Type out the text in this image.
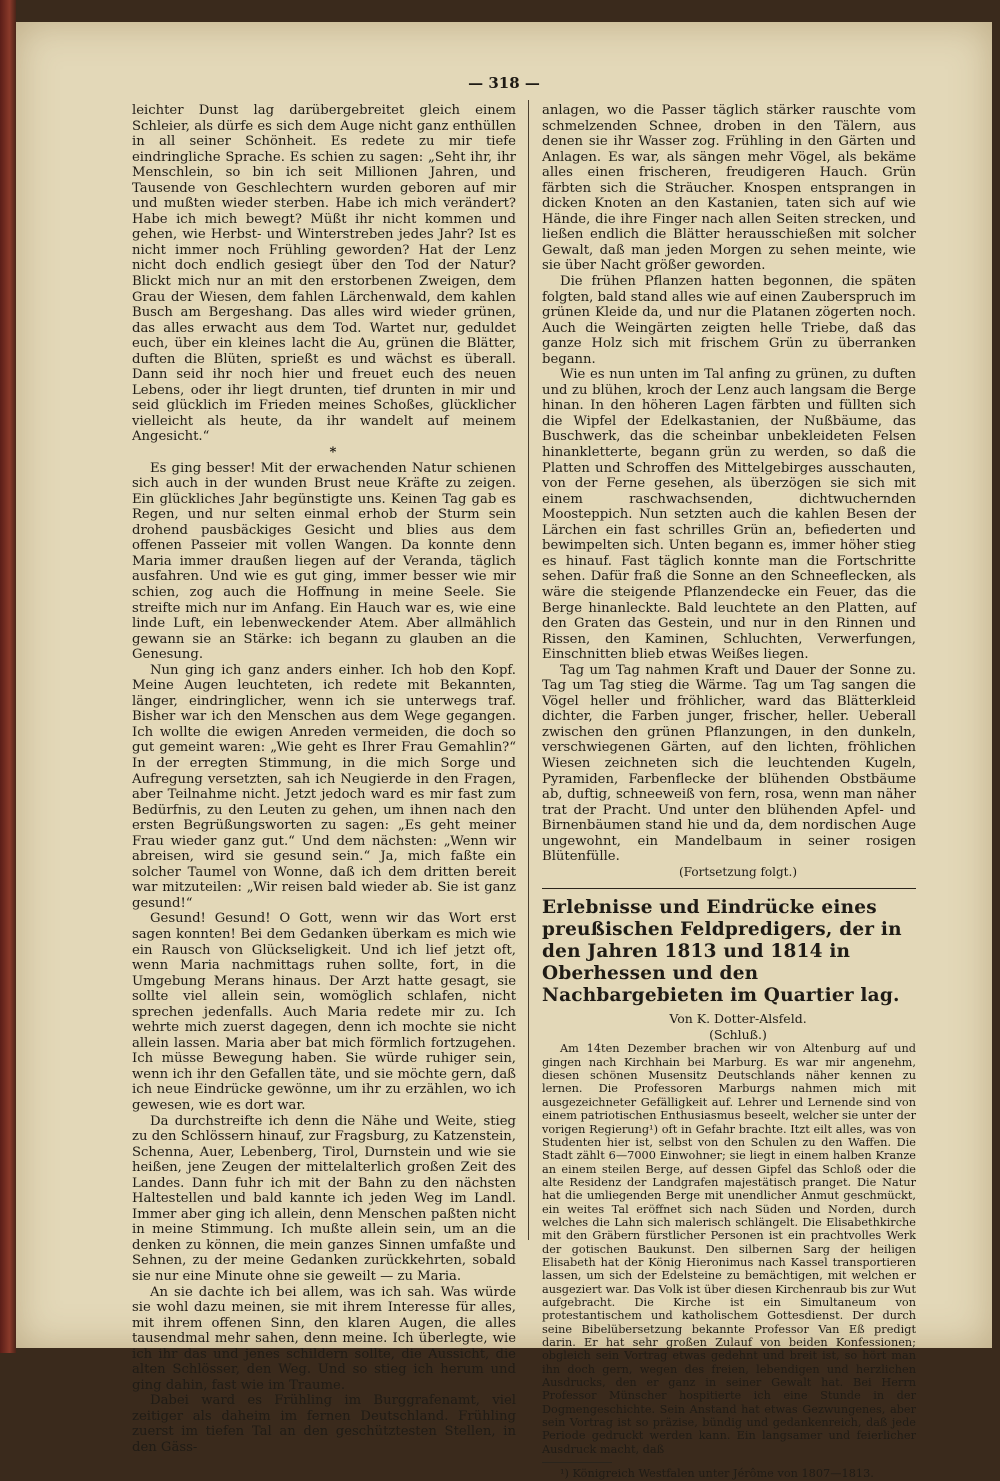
— 318 —

leichter Dunst lag darübergebreitet gleich einem Schleier, als dürfe es sich dem Auge nicht ganz enthüllen in all seiner Schönheit. Es redete zu mir tiefe eindringliche Sprache. Es schien zu sagen: „Seht ihr, ihr Menschlein, so bin ich seit Millionen Jahren, und Tausende von Geschlechtern wurden geboren auf mir und mußten wieder sterben. Habe ich mich verändert? Habe ich mich bewegt? Müßt ihr nicht kommen und gehen, wie Herbst- und Winterstreben jedes Jahr? Ist es nicht immer noch Frühling geworden? Hat der Lenz nicht doch endlich gesiegt über den Tod der Natur? Blickt mich nur an mit den erstorbenen Zweigen, dem Grau der Wiesen, dem fahlen Lärchenwald, dem kahlen Busch am Bergeshang. Das alles wird wieder grünen, das alles erwacht aus dem Tod. Wartet nur, geduldet euch, über ein kleines lacht die Au, grünen die Blätter, duften die Blüten, sprießt es und wächst es überall. Dann seid ihr noch hier und freuet euch des neuen Lebens, oder ihr liegt drunten, tief drunten in mir und seid glücklich im Frieden meines Schoßes, glücklicher vielleicht als heute, da ihr wandelt auf meinem Angesicht.“

*

Es ging besser! Mit der erwachenden Natur schienen sich auch in der wunden Brust neue Kräfte zu zeigen. Ein glückliches Jahr begünstigte uns. Keinen Tag gab es Regen, und nur selten einmal erhob der Sturm sein drohend pausbäckiges Gesicht und blies aus dem offenen Passeier mit vollen Wangen. Da konnte denn Maria immer draußen liegen auf der Veranda, täglich ausfahren. Und wie es gut ging, immer besser wie mir schien, zog auch die Hoffnung in meine Seele. Sie streifte mich nur im Anfang. Ein Hauch war es, wie eine linde Luft, ein lebenweckender Atem. Aber allmählich gewann sie an Stärke: ich begann zu glauben an die Genesung.

Nun ging ich ganz anders einher. Ich hob den Kopf. Meine Augen leuchteten, ich redete mit Bekannten, länger, eindringlicher, wenn ich sie unterwegs traf. Bisher war ich den Menschen aus dem Wege gegangen. Ich wollte die ewigen Anreden vermeiden, die doch so gut gemeint waren: „Wie geht es Ihrer Frau Gemahlin?“ In der erregten Stimmung, in die mich Sorge und Aufregung versetzten, sah ich Neugierde in den Fragen, aber Teilnahme nicht. Jetzt jedoch ward es mir fast zum Bedürfnis, zu den Leuten zu gehen, um ihnen nach den ersten Begrüßungsworten zu sagen: „Es geht meiner Frau wieder ganz gut.“ Und dem nächsten: „Wenn wir abreisen, wird sie gesund sein.“ Ja, mich faßte ein solcher Taumel von Wonne, daß ich dem dritten bereit war mitzuteilen: „Wir reisen bald wieder ab. Sie ist ganz gesund!“

Gesund! Gesund! O Gott, wenn wir das Wort erst sagen konnten! Bei dem Gedanken überkam es mich wie ein Rausch von Glückseligkeit. Und ich lief jetzt oft, wenn Maria nachmittags ruhen sollte, fort, in die Umgebung Merans hinaus. Der Arzt hatte gesagt, sie sollte viel allein sein, womöglich schlafen, nicht sprechen jedenfalls. Auch Maria redete mir zu. Ich wehrte mich zuerst dagegen, denn ich mochte sie nicht allein lassen. Maria aber bat mich förmlich fortzugehen. Ich müsse Bewegung haben. Sie würde ruhiger sein, wenn ich ihr den Gefallen täte, und sie möchte gern, daß ich neue Eindrücke gewönne, um ihr zu erzählen, wo ich gewesen, wie es dort war.

Da durchstreifte ich denn die Nähe und Weite, stieg zu den Schlössern hinauf, zur Fragsburg, zu Katzenstein, Schenna, Auer, Lebenberg, Tirol, Durnstein und wie sie heißen, jene Zeugen der mittelalterlich großen Zeit des Landes. Dann fuhr ich mit der Bahn zu den nächsten Haltestellen und bald kannte ich jeden Weg im Landl. Immer aber ging ich allein, denn Menschen paßten nicht in meine Stimmung. Ich mußte allein sein, um an die denken zu können, die mein ganzes Sinnen umfaßte und Sehnen, zu der meine Gedanken zurückkehrten, sobald sie nur eine Minute ohne sie geweilt — zu Maria.

An sie dachte ich bei allem, was ich sah. Was würde sie wohl dazu meinen, sie mit ihrem Interesse für alles, mit ihrem offenen Sinn, den klaren Augen, die alles tausendmal mehr sahen, denn meine. Ich überlegte, wie ich ihr das und jenes schildern sollte, die Aussicht, die alten Schlösser, den Weg. Und so stieg ich herum und ging dahin, fast wie im Traume.

Dabei ward es Frühling im Burggrafenamt, viel zeitiger als daheim im fernen Deutschland. Frühling zuerst im tiefen Tal an den geschütztesten Stellen, in den Gäss-

anlagen, wo die Passer täglich stärker rauschte vom schmelzenden Schnee, droben in den Tälern, aus denen sie ihr Wasser zog. Frühling in den Gärten und Anlagen. Es war, als sängen mehr Vögel, als bekäme alles einen frischeren, freudigeren Hauch. Grün färbten sich die Sträucher. Knospen entsprangen in dicken Knoten an den Kastanien, taten sich auf wie Hände, die ihre Finger nach allen Seiten strecken, und ließen endlich die Blätter herausschießen mit solcher Gewalt, daß man jeden Morgen zu sehen meinte, wie sie über Nacht größer geworden.

Die frühen Pflanzen hatten begonnen, die späten folgten, bald stand alles wie auf einen Zauberspruch im grünen Kleide da, und nur die Platanen zögerten noch. Auch die Weingärten zeigten helle Triebe, daß das ganze Holz sich mit frischem Grün zu überranken begann.

Wie es nun unten im Tal anfing zu grünen, zu duften und zu blühen, kroch der Lenz auch langsam die Berge hinan. In den höheren Lagen färbten und füllten sich die Wipfel der Edelkastanien, der Nußbäume, das Buschwerk, das die scheinbar unbekleideten Felsen hinankletterte, begann grün zu werden, so daß die Platten und Schroffen des Mittelgebirges ausschauten, von der Ferne gesehen, als überzögen sie sich mit einem raschwachsenden, dichtwuchernden Moosteppich. Nun setzten auch die kahlen Besen der Lärchen ein fast schrilles Grün an, befiederten und bewimpelten sich. Unten begann es, immer höher stieg es hinauf. Fast täglich konnte man die Fortschritte sehen. Dafür fraß die Sonne an den Schneeflecken, als wäre die steigende Pflanzendecke ein Feuer, das die Berge hinanleckte. Bald leuchtete an den Platten, auf den Graten das Gestein, und nur in den Rinnen und Rissen, den Kaminen, Schluchten, Verwerfungen, Einschnitten blieb etwas Weißes liegen.

Tag um Tag nahmen Kraft und Dauer der Sonne zu. Tag um Tag stieg die Wärme. Tag um Tag sangen die Vögel heller und fröhlicher, ward das Blätterkleid dichter, die Farben junger, frischer, heller. Ueberall zwischen den grünen Pflanzungen, in den dunkeln, verschwiegenen Gärten, auf den lichten, fröhlichen Wiesen zeichneten sich die leuchtenden Kugeln, Pyramiden, Farbenflecke der blühenden Obstbäume ab, duftig, schneeweiß von fern, rosa, wenn man näher trat der Pracht. Und unter den blühenden Apfel- und Birnenbäumen stand hie und da, dem nordischen Auge ungewohnt, ein Mandelbaum in seiner rosigen Blütenfülle.

(Fortsetzung folgt.)

Erlebnisse und Eindrücke eines preußischen Feldpredigers, der in den Jahren 1813 und 1814 in Oberhessen und den Nachbargebieten im Quartier lag.

Von K. Dotter-Alsfeld.

(Schluß.)

Am 14ten Dezember brachen wir von Altenburg auf und gingen nach Kirchhain bei Marburg. Es war mir angenehm, diesen schönen Musensitz Deutschlands näher kennen zu lernen. Die Professoren Marburgs nahmen mich mit ausgezeichneter Gefälligkeit auf. Lehrer und Lernende sind von einem patriotischen Enthusiasmus beseelt, welcher sie unter der vorigen Regierung¹) oft in Gefahr brachte. Itzt eilt alles, was von Studenten hier ist, selbst von den Schulen zu den Waffen. Die Stadt zählt 6—7000 Einwohner; sie liegt in einem halben Kranze an einem steilen Berge, auf dessen Gipfel das Schloß oder die alte Residenz der Landgrafen majestätisch pranget. Die Natur hat die umliegenden Berge mit unendlicher Anmut geschmückt, ein weites Tal eröffnet sich nach Süden und Norden, durch welches die Lahn sich malerisch schlängelt. Die Elisabethkirche mit den Gräbern fürstlicher Personen ist ein prachtvolles Werk der gotischen Baukunst. Den silbernen Sarg der heiligen Elisabeth hat der König Hieronimus nach Kassel transportieren lassen, um sich der Edelsteine zu bemächtigen, mit welchen er ausgeziert war. Das Volk ist über diesen Kirchenraub bis zur Wut aufgebracht. Die Kirche ist ein Simultaneum von protestantischem und katholischem Gottesdienst. Der durch seine Bibelübersetzung bekannte Professor Van Eß predigt darin. Er hat sehr großen Zulauf von beiden Konfessionen; obgleich sein Vortrag etwas gedehnt und breit ist, so hört man ihn doch gern, wegen des freien, lebendigen und herzlichen Ausdrucks, den er ganz in seiner Gewalt hat. Bei Herrn Professor Münscher hospitierte ich eine Stunde in der Dogmengeschichte. Sein Anstand hat etwas Gezwungenes, aber sein Vortrag ist so präzise, bündig und gedankenreich, daß jede Periode gedruckt werden kann. Ein langsamer und feierlicher Ausdruck macht, daß

¹) Königreich Westfalen unter Jérôme von 1807—1813.
